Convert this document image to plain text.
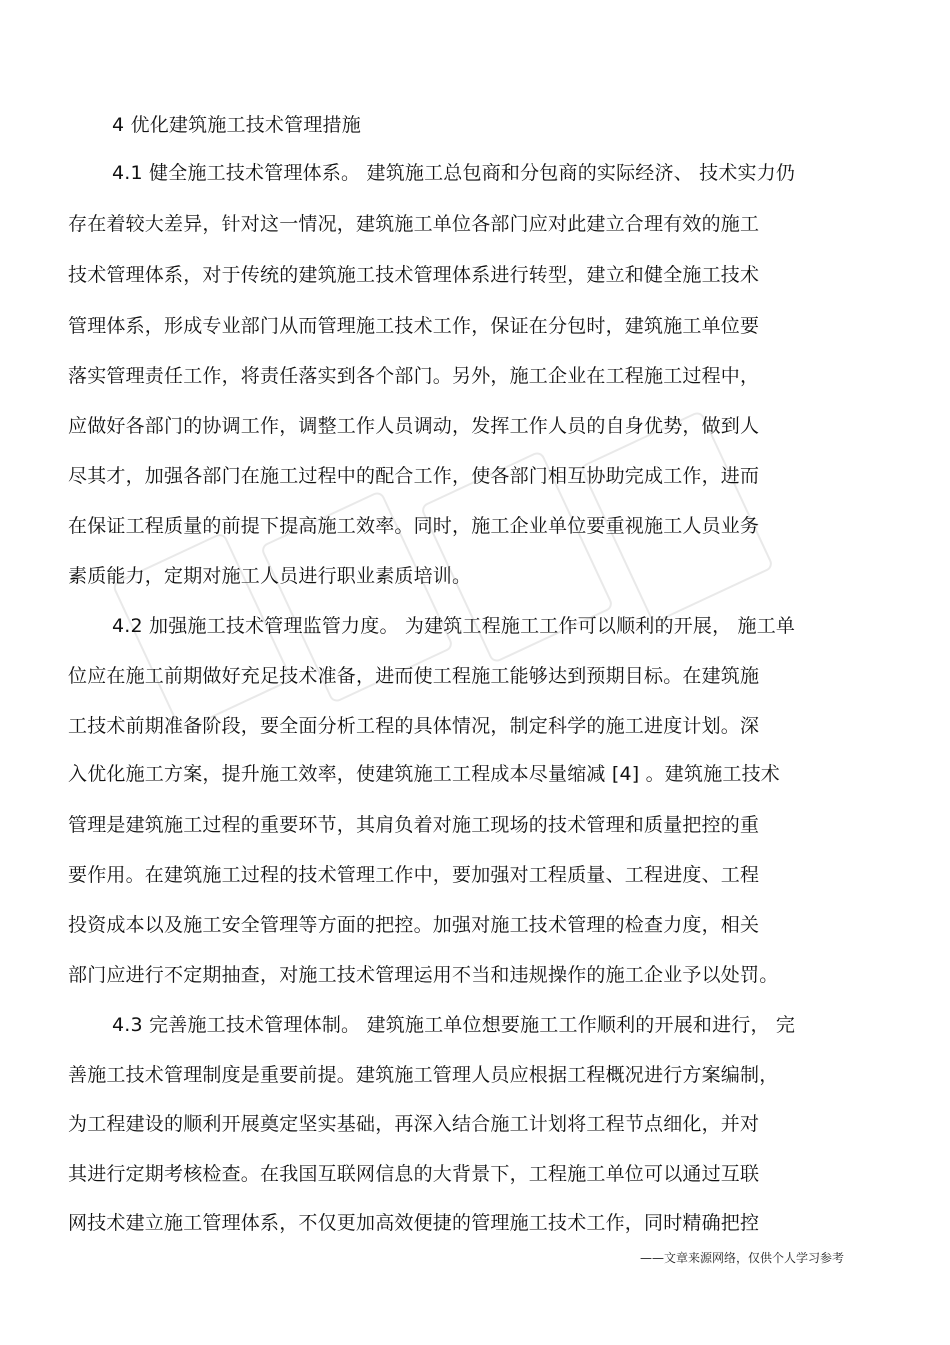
4 优化建筑施工技术管理措施
4.1 健全施工技术管理体系。 建筑施工总包商和分包商的实际经济、 技术实力仍
存在着较大差异，针对这一情况，建筑施工单位各部门应对此建立合理有效的施工
技术管理体系，对于传统的建筑施工技术管理体系进行转型，建立和健全施工技术
管理体系，形成专业部门从而管理施工技术工作，保证在分包时，建筑施工单位要
落实管理责任工作，将责任落实到各个部门。另外，施工企业在工程施工过程中，
应做好各部门的协调工作，调整工作人员调动，发挥工作人员的自身优势，做到人
尽其才，加强各部门在施工过程中的配合工作，使各部门相互协助完成工作，进而
在保证工程质量的前提下提高施工效率。同时，施工企业单位要重视施工人员业务
素质能力，定期对施工人员进行职业素质培训。
4.2 加强施工技术管理监管力度。 为建筑工程施工工作可以顺利的开展， 施工单
位应在施工前期做好充足技术准备，进而使工程施工能够达到预期目标。在建筑施
工技术前期准备阶段，要全面分析工程的具体情况，制定科学的施工进度计划。深
入优化施工方案，提升施工效率，使建筑施工工程成本尽量缩减 [4] 。建筑施工技术
管理是建筑施工过程的重要环节，其肩负着对施工现场的技术管理和质量把控的重
要作用。在建筑施工过程的技术管理工作中，要加强对工程质量、工程进度、工程
投资成本以及施工安全管理等方面的把控。加强对施工技术管理的检查力度，相关
部门应进行不定期抽查，对施工技术管理运用不当和违规操作的施工企业予以处罚。
4.3 完善施工技术管理体制。 建筑施工单位想要施工工作顺利的开展和进行， 完
善施工技术管理制度是重要前提。建筑施工管理人员应根据工程概况进行方案编制，
为工程建设的顺利开展奠定坚实基础，再深入结合施工计划将工程节点细化，并对
其进行定期考核检查。在我国互联网信息的大背景下，工程施工单位可以通过互联
网技术建立施工管理体系，不仅更加高效便捷的管理施工技术工作，同时精确把控
——文章来源网络，仅供个人学习参考
